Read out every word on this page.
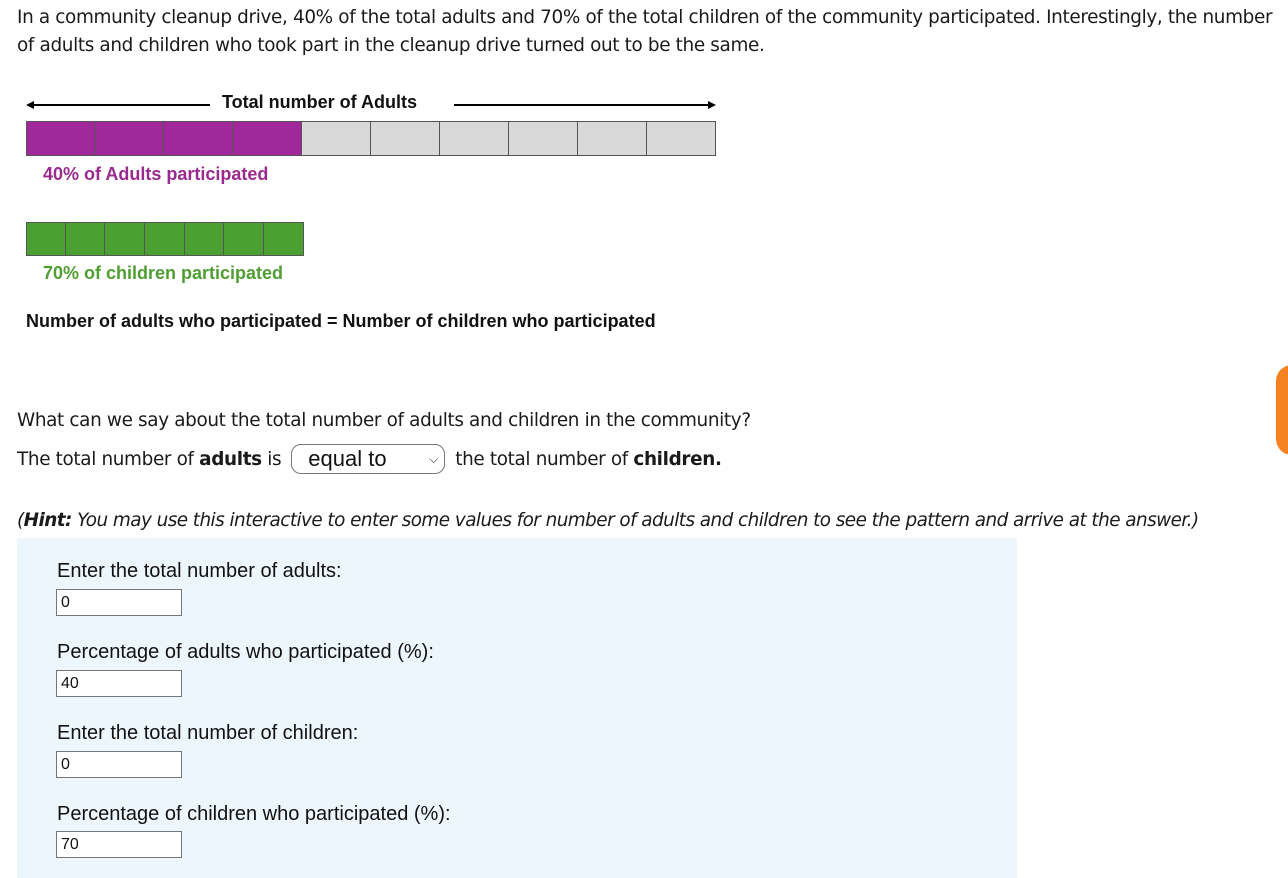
In a community cleanup drive, 40% of the total adults and 70% of the total children of the community participated. Interestingly, the number of adults and children who took part in the cleanup drive turned out to be the same.

Total number of Adults
40% of Adults participated
70% of children participated
Number of adults who participated = Number of children who participated
What can we say about the total number of adults and children in the community?
The total number of
adults
is equal to	⌵ the total number of
children.
(Hint: You may use this interactive to enter some values for number of adults and children to see the pattern and arrive at the answer.)
Enter the total number of adults:
0
Percentage of adults who participated (%):
40
Enter the total number of children:
0
Percentage of children who participated (%):
70
